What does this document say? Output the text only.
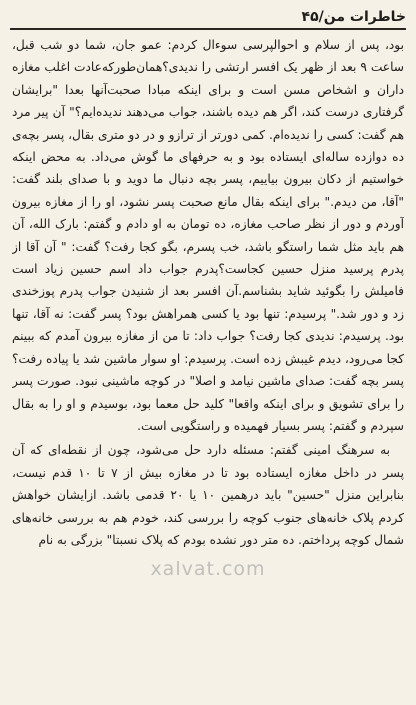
خاطرات من/۴۵

بود، پس از سلام و احوالپرسی سوءال کردم: عمو جان، شما دو شب قبل، ساعت ۹ بعد از ظهر یک افسر ارتشی را ندیدی؟همان‌طورکه‌عادت اغلب مغازه داران و اشخاص مسن است و برای اینکه مبادا صحبت‌آنها بعدا "برایشان گرفتاری درست کند، اگر هم دیده باشند، جواب می‌دهند ندیده‌ایم؟" آن پیر مرد هم گفت: کسی را ندیده‌ام. کمی دورتر از ترازو و در دو متری بقال، پسر بچه‌ی ده دوازده ساله‌ای ایستاده بود و به حرفهای ما گوش می‌داد. به محض اینکه خواستیم از دکان بیرون بیاییم، پسر بچه دنبال ما دوید و با صدای بلند گفت: "آقا، من دیدم." برای اینکه بقال مانع صحبت پسر نشود، او را از مغازه بیرون آوردم و دور از نظر صاحب مغازه، ده تومان به او دادم و گفتم: بارک الله، آن هم باید مثل شما راستگو باشد، خب پسرم، بگو کجا رفت؟ گفت: " آن آقا از پدرم پرسید منزل حسین کجاست؟پدرم جواب داد اسم حسین زیاد است فامیلش را بگوئید شاید بشناسم.آن افسر بعد از شنیدن جواب پدرم پوزخندی زد و دور شد." پرسیدم: تنها بود یا کسی همراهش بود؟ پسر گفت: نه آقا، تنها بود. پرسیدم: ندیدی کجا رفت؟ جواب داد: تا من از مغازه بیرون آمدم که ببینم کجا می‌رود، دیدم غیبش زده است. پرسیدم: او سوار ماشین شد یا پیاده رفت؟ پسر بچه گفت: صدای ماشین نیامد و اصلا" در کوچه ماشینی نبود. صورت پسر را برای تشویق و برای اینکه واقعا" کلید حل معما بود، بوسیدم و او را به بقال سپردم و گفتم: پسر بسیار فهمیده و راستگویی است.

به سرهنگ امینی گفتم: مسئله دارد حل می‌شود، چون از نقطه‌ای که آن پسر در داخل مغازه ایستاده بود تا در مغازه بیش از ۷ تا ۱۰ قدم نیست، بنابراین منزل "حسین" باید درهمین ۱۰ یا ۲۰ قدمی باشد. ازایشان خواهش کردم پلاک خانه‌های جنوب کوچه را بررسی کند، خودم هم به بررسی خانه‌های شمال کوچه پرداختم. ده متر دور نشده بودم که پلاک نسبتا" بزرگی به نام

xalvat.com
